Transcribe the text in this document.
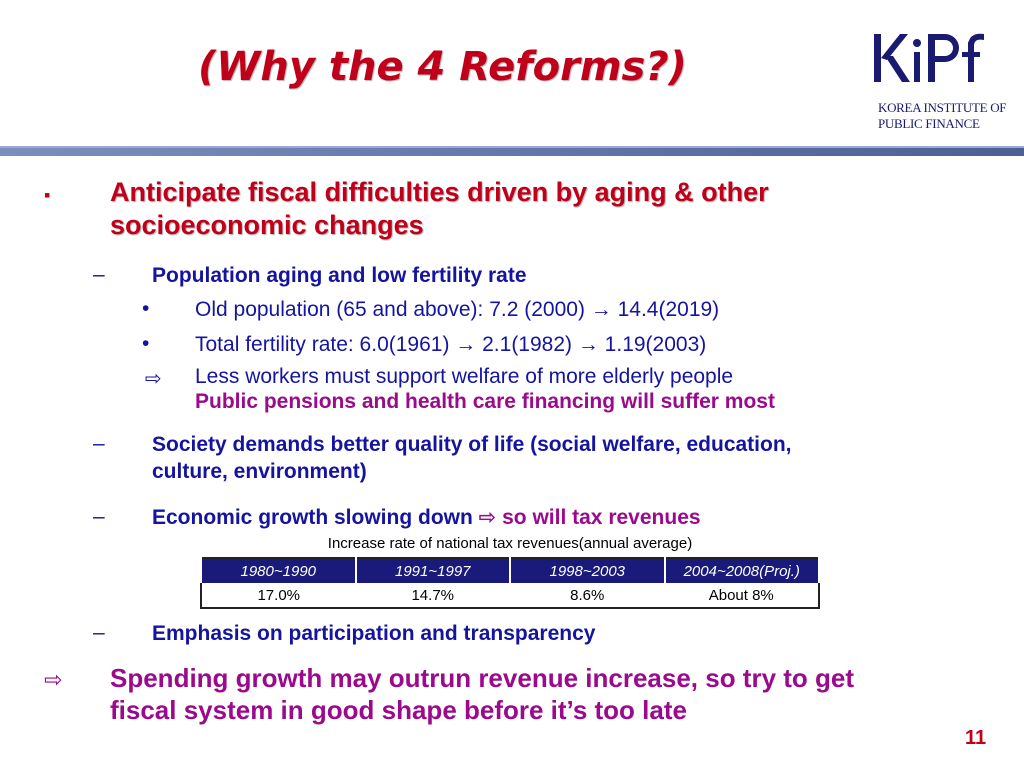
(Why the 4 Reforms?)
KOREA INSTITUTE OF
PUBLIC FINANCE
▪ Anticipate fiscal difficulties driven by aging & other
socioeconomic changes
– Population aging and low fertility rate
• Old population (65 and above): 7.2 (2000) → 14.4(2019)
• Total fertility rate: 6.0(1961) → 2.1(1982) → 1.19(2003)
⇨ Less workers must support welfare of more elderly people
Public pensions and health care financing will suffer most
– Society demands better quality of life (social welfare, education,
culture, environment)
– Economic growth slowing down ⇨ so will tax revenues
Increase rate of national tax revenues(annual average)
1980~1990	1991~1997	1998~2003	2004~2008(Proj.)
17.0%	14.7%	8.6%	About 8%
– Emphasis on participation and transparency
⇨ Spending growth may outrun revenue increase, so try to get
fiscal system in good shape before it’s too late
11
